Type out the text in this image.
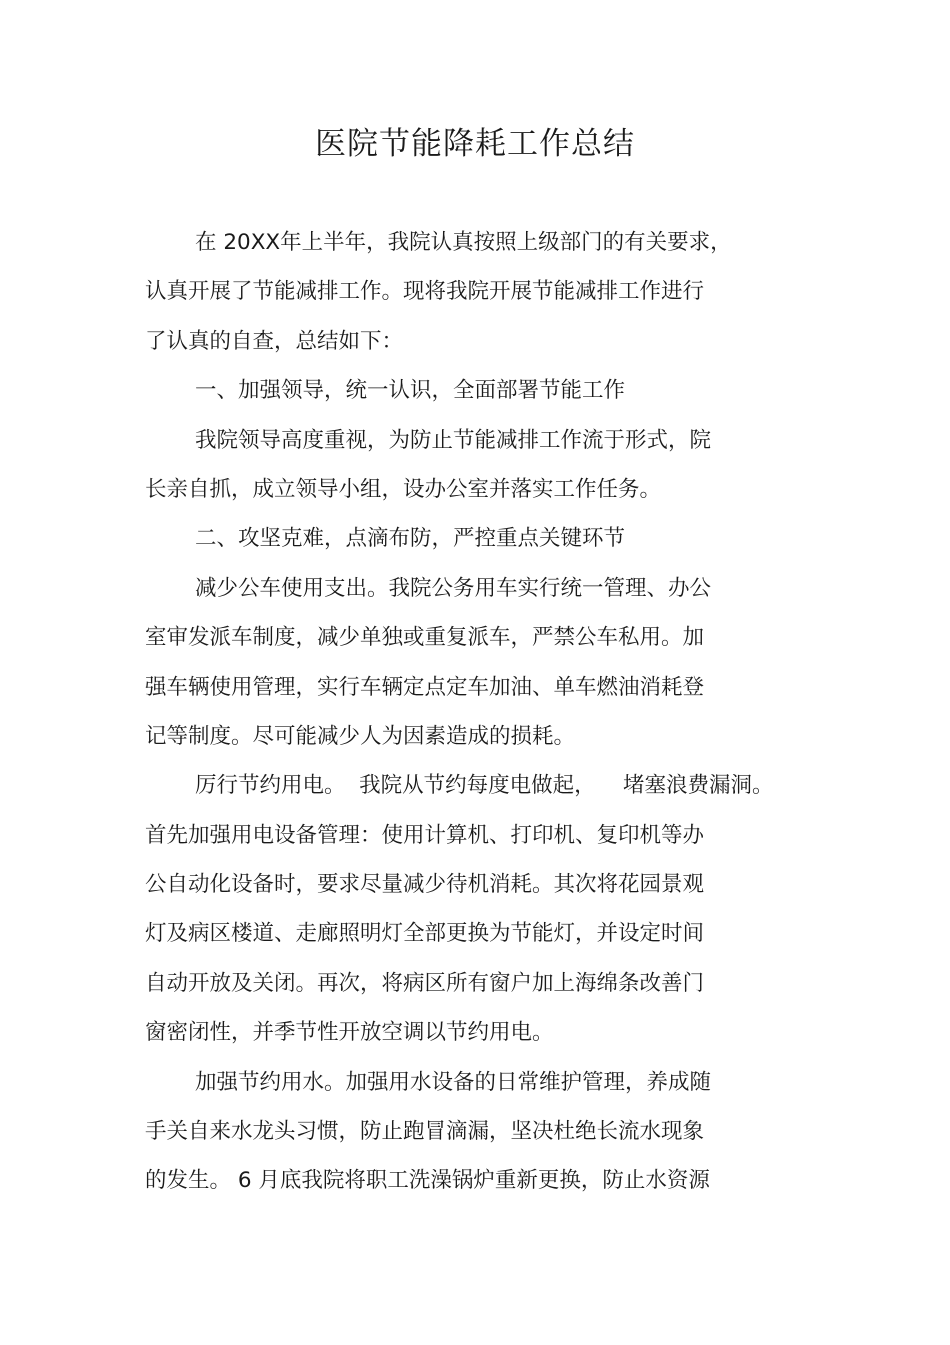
医院节能降耗工作总结
在 20XX年上半年，我院认真按照上级部门的有关要求，
认真开展了节能减排工作。现将我院开展节能减排工作进行
了认真的自查，总结如下：
一、加强领导，统一认识，全面部署节能工作
我院领导高度重视，为防止节能减排工作流于形式，院
长亲自抓，成立领导小组，设办公室并落实工作任务。
二、攻坚克难，点滴布防，严控重点关键环节
减少公车使用支出。我院公务用车实行统一管理、办公
室审发派车制度，减少单独或重复派车，严禁公车私用。加
强车辆使用管理，实行车辆定点定车加油、单车燃油消耗登
记等制度。尽可能减少人为因素造成的损耗。
厉行节约用电。  我院从节约每度电做起，    堵塞浪费漏洞。
首先加强用电设备管理：使用计算机、打印机、复印机等办
公自动化设备时，要求尽量减少待机消耗。其次将花园景观
灯及病区楼道、走廊照明灯全部更换为节能灯，并设定时间
自动开放及关闭。再次，将病区所有窗户加上海绵条改善门
窗密闭性，并季节性开放空调以节约用电。
加强节约用水。加强用水设备的日常维护管理，养成随
手关自来水龙头习惯，防止跑冒滴漏，坚决杜绝长流水现象
的发生。 6 月底我院将职工洗澡锅炉重新更换，防止水资源
